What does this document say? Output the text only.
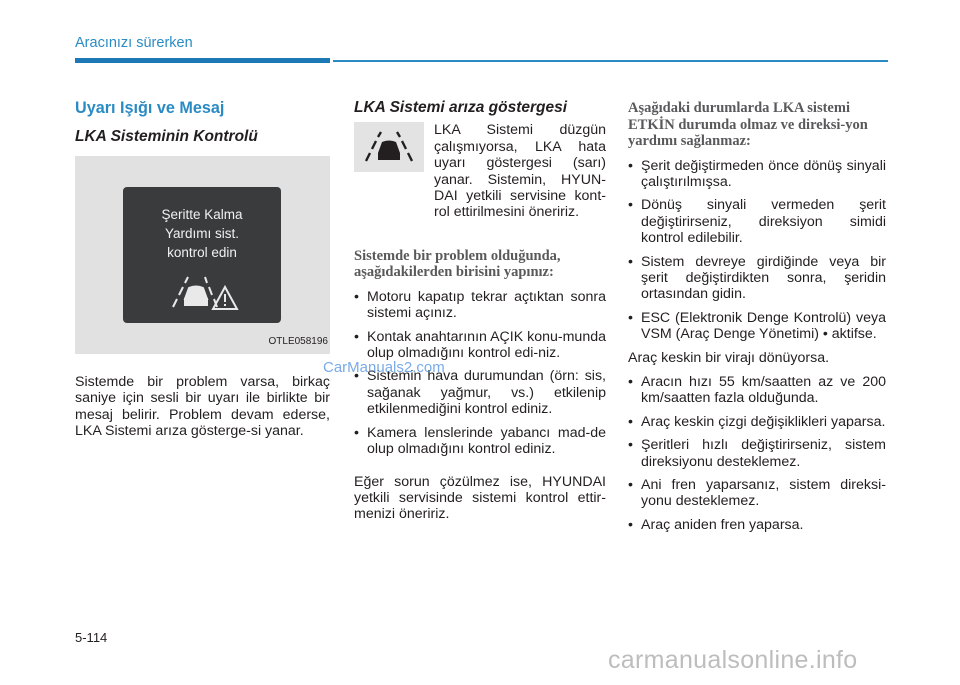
Aracınızı sürerken
Uyarı Işığı ve Mesaj
LKA Sisteminin Kontrolü
Şeritte Kalma
Yardımı sist.
kontrol edin
OTLE058196

Sistemde bir problem varsa, birkaç saniye için sesli bir uyarı ile birlikte bir mesaj belirir. Problem devam ederse, LKA Sistemi arıza gösterge-si yanar.

LKA Sistemi arıza göstergesi
LKA Sistemi düzgün çalışmıyorsa, LKA hata uyarı göstergesi (sarı) yanar. Sistemin, HYUN-DAI yetkili servisine kont-rol ettirilmesini öneririz.
Sistemde bir problem olduğunda, aşağıdakilerden birisini yapınız:
• Motoru kapatıp tekrar açtıktan sonra sistemi açınız.
• Kontak anahtarının AÇIK konu-munda olup olmadığını kontrol edi-niz.
• Sistemin hava durumundan (örn: sis, sağanak yağmur, vs.) etkilenip etkilenmediğini kontrol ediniz.
• Kamera lenslerinde yabancı mad-de olup olmadığını kontrol ediniz.

Eğer sorun çözülmez ise, HYUNDAI yetkili servisinde sistemi kontrol ettir-menizi öneririz.

Aşağıdaki durumlarda LKA sistemi ETKİN durumda olmaz ve direksi-yon yardımı sağlanmaz:
• Şerit değiştirmeden önce dönüş sinyali çalıştırılmışsa.
• Dönüş sinyali vermeden şerit değiştirirseniz, direksiyon simidi kontrol edilebilir.
• Sistem devreye girdiğinde veya bir şerit değiştirdikten sonra, şeridin ortasından gidin.
• ESC (Elektronik Denge Kontrolü) veya VSM (Araç Denge Yönetimi) • aktifse.

Araç keskin bir virajı dönüyorsa.

• Aracın hızı 55 km/saatten az ve 200 km/saatten fazla olduğunda.
• Araç keskin çizgi değişiklikleri yaparsa.
• Şeritleri hızlı değiştirirseniz, sistem direksiyonu desteklemez.
• Ani fren yaparsanız, sistem direksi-yonu desteklemez.
• Araç aniden fren yaparsa.
5-114
CarManuals2.com
carmanualsonline.info
